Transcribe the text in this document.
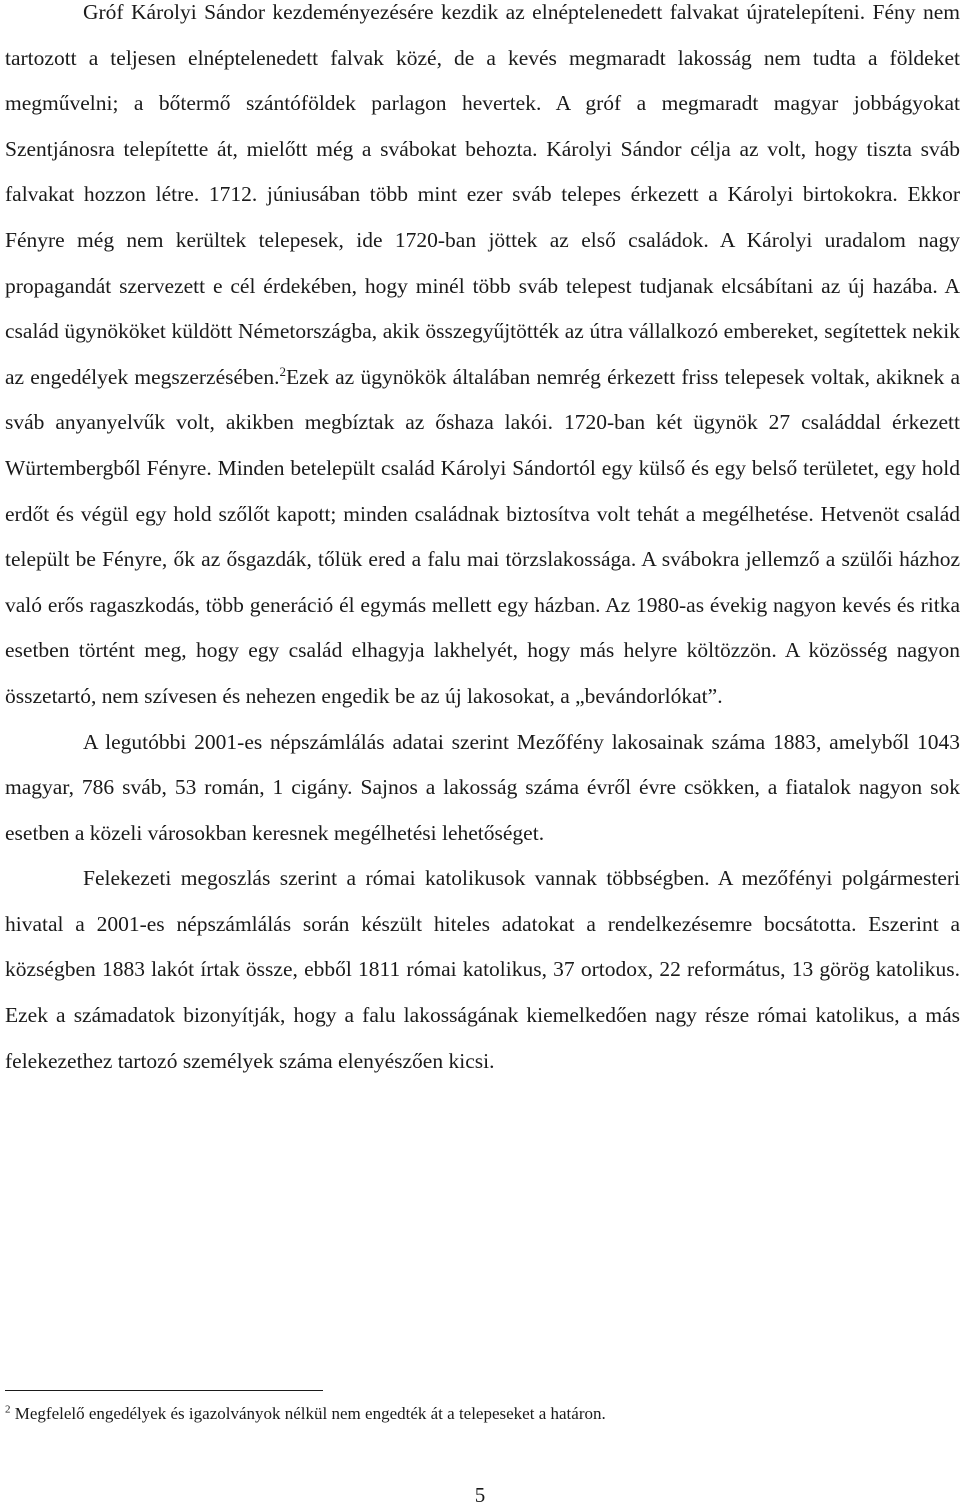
Gróf Károlyi Sándor kezdeményezésére kezdik az elnéptelenedett falvakat újratelepíteni. Fény nem tartozott a teljesen elnéptelenedett falvak közé, de a kevés megmaradt lakosság nem tudta a földeket megművelni; a bőtermő szántóföldek parlagon hevertek. A gróf a megmaradt magyar jobbágyokat Szentjánosra telepítette át, mielőtt még a svábokat behozta. Károlyi Sándor célja az volt, hogy tiszta sváb falvakat hozzon létre. 1712. júniusában több mint ezer sváb telepes érkezett a Károlyi birtokokra. Ekkor Fényre még nem kerültek telepesek, ide 1720-ban jöttek az első családok. A Károlyi uradalom nagy propagandát szervezett e cél érdekében, hogy minél több sváb telepest tudjanak elcsábítani az új hazába. A család ügynököket küldött Németországba, akik összegyűjtötték az útra vállalkozó embereket, segítettek nekik az engedélyek megszerzésében.$^2$Ezek az ügynökök általában nemrég érkezett friss telepesek voltak, akiknek a sváb anyanyelvűk volt, akikben megbíztak az őshaza lakói. 1720-ban két ügynök 27 családdal érkezett Würtembergből Fényre. Minden betelepült család Károlyi Sándortól egy külső és egy belső területet, egy hold erdőt és végül egy hold szőlőt kapott; minden családnak biztosítva volt tehát a megélhetése. Hetvenöt család települt be Fényre, ők az ősgazdák, tőlük ered a falu mai törzslakossága. A svábokra jellemző a szülői házhoz való erős ragaszkodás, több generáció él egymás mellett egy házban. Az 1980-as évekig nagyon kevés és ritka esetben történt meg, hogy egy család elhagyja lakhelyét, hogy más helyre költözzön. A közösség nagyon összetartó, nem szívesen és nehezen engedik be az új lakosokat, a „bevándorlókat”.

A legutóbbi 2001-es népszámlálás adatai szerint Mezőfény lakosainak száma 1883, amelyből 1043 magyar, 786 sváb, 53 román, 1 cigány. Sajnos a lakosság száma évről évre csökken, a fiatalok nagyon sok esetben a közeli városokban keresnek megélhetési lehetőséget.

Felekezeti megoszlás szerint a római katolikusok vannak többségben. A mezőfényi polgármesteri hivatal a 2001-es népszámlálás során készült hiteles adatokat a rendelkezésemre bocsátotta. Eszerint a községben 1883 lakót írtak össze, ebből 1811 római katolikus, 37 ortodox, 22 református, 13 görög katolikus. Ezek a számadatok bizonyítják, hogy a falu lakosságának kiemelkedően nagy része római katolikus, a más felekezethez tartozó személyek száma elenyészően kicsi.

$^2$ Megfelelő engedélyek és igazolványok nélkül nem engedték át a telepeseket a határon.
5
